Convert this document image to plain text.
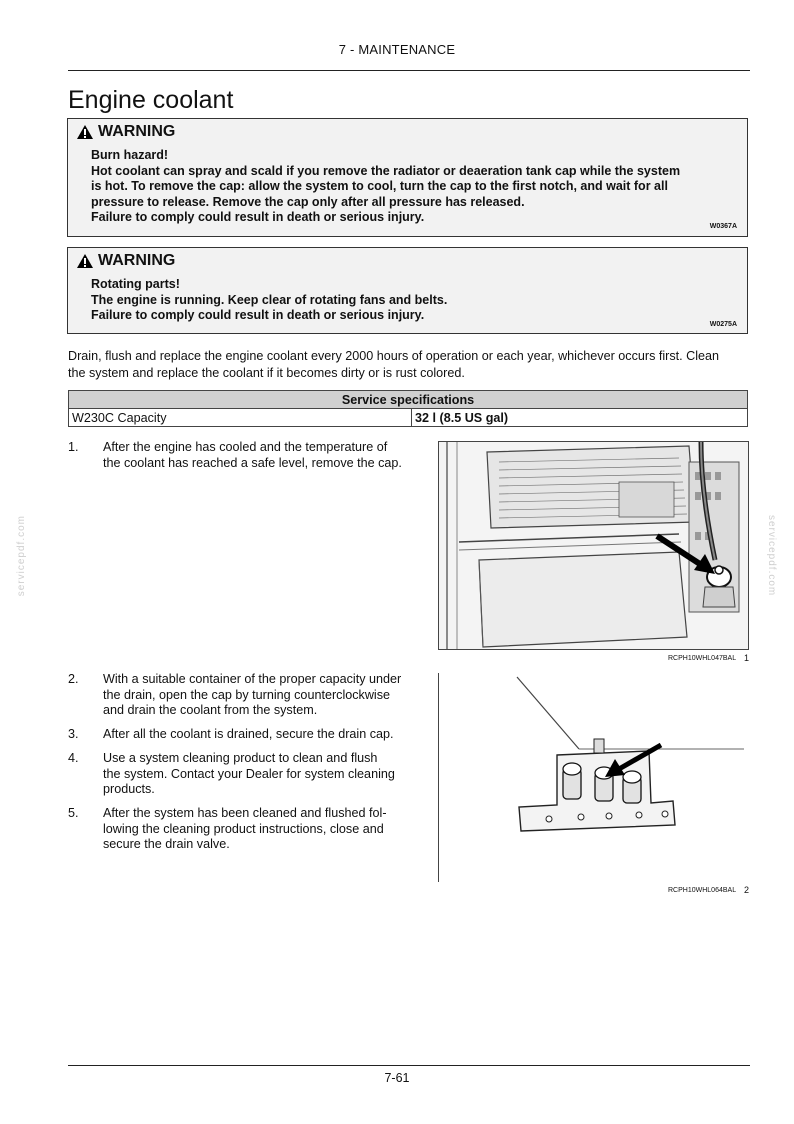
7 - MAINTENANCE
Engine coolant
WARNING
Burn hazard!
Hot coolant can spray and scald if you remove the radiator or deaeration tank cap while the system
is hot. To remove the cap: allow the system to cool, turn the cap to the first notch, and wait for all
pressure to release. Remove the cap only after all pressure has released.
Failure to comply could result in death or serious injury.
W0367A
WARNING
Rotating parts!
The engine is running. Keep clear of rotating fans and belts.
Failure to comply could result in death or serious injury.
W0275A
Drain, flush and replace the engine coolant every 2000 hours of operation or each year, whichever occurs first. Clean
the system and replace the coolant if it becomes dirty or is rust colored.
Service specifications
W230C Capacity	32 l (8.5 US gal)
1. After the engine has cooled and the temperature of
the coolant has reached a safe level, remove the cap.
2. With a suitable container of the proper capacity under
the drain, open the cap by turning counterclockwise
and drain the coolant from the system.
3. After all the coolant is drained, secure the drain cap.
4. Use a system cleaning product to clean and flush
the system. Contact your Dealer for system cleaning
products.
5. After the system has been cleaned and flushed fol-
lowing the cleaning product instructions, close and
secure the drain valve.
RCPH10WHL047BAL 1
RCPH10WHL064BAL 2
servicepdf.com	servicepdf.com
7-61
